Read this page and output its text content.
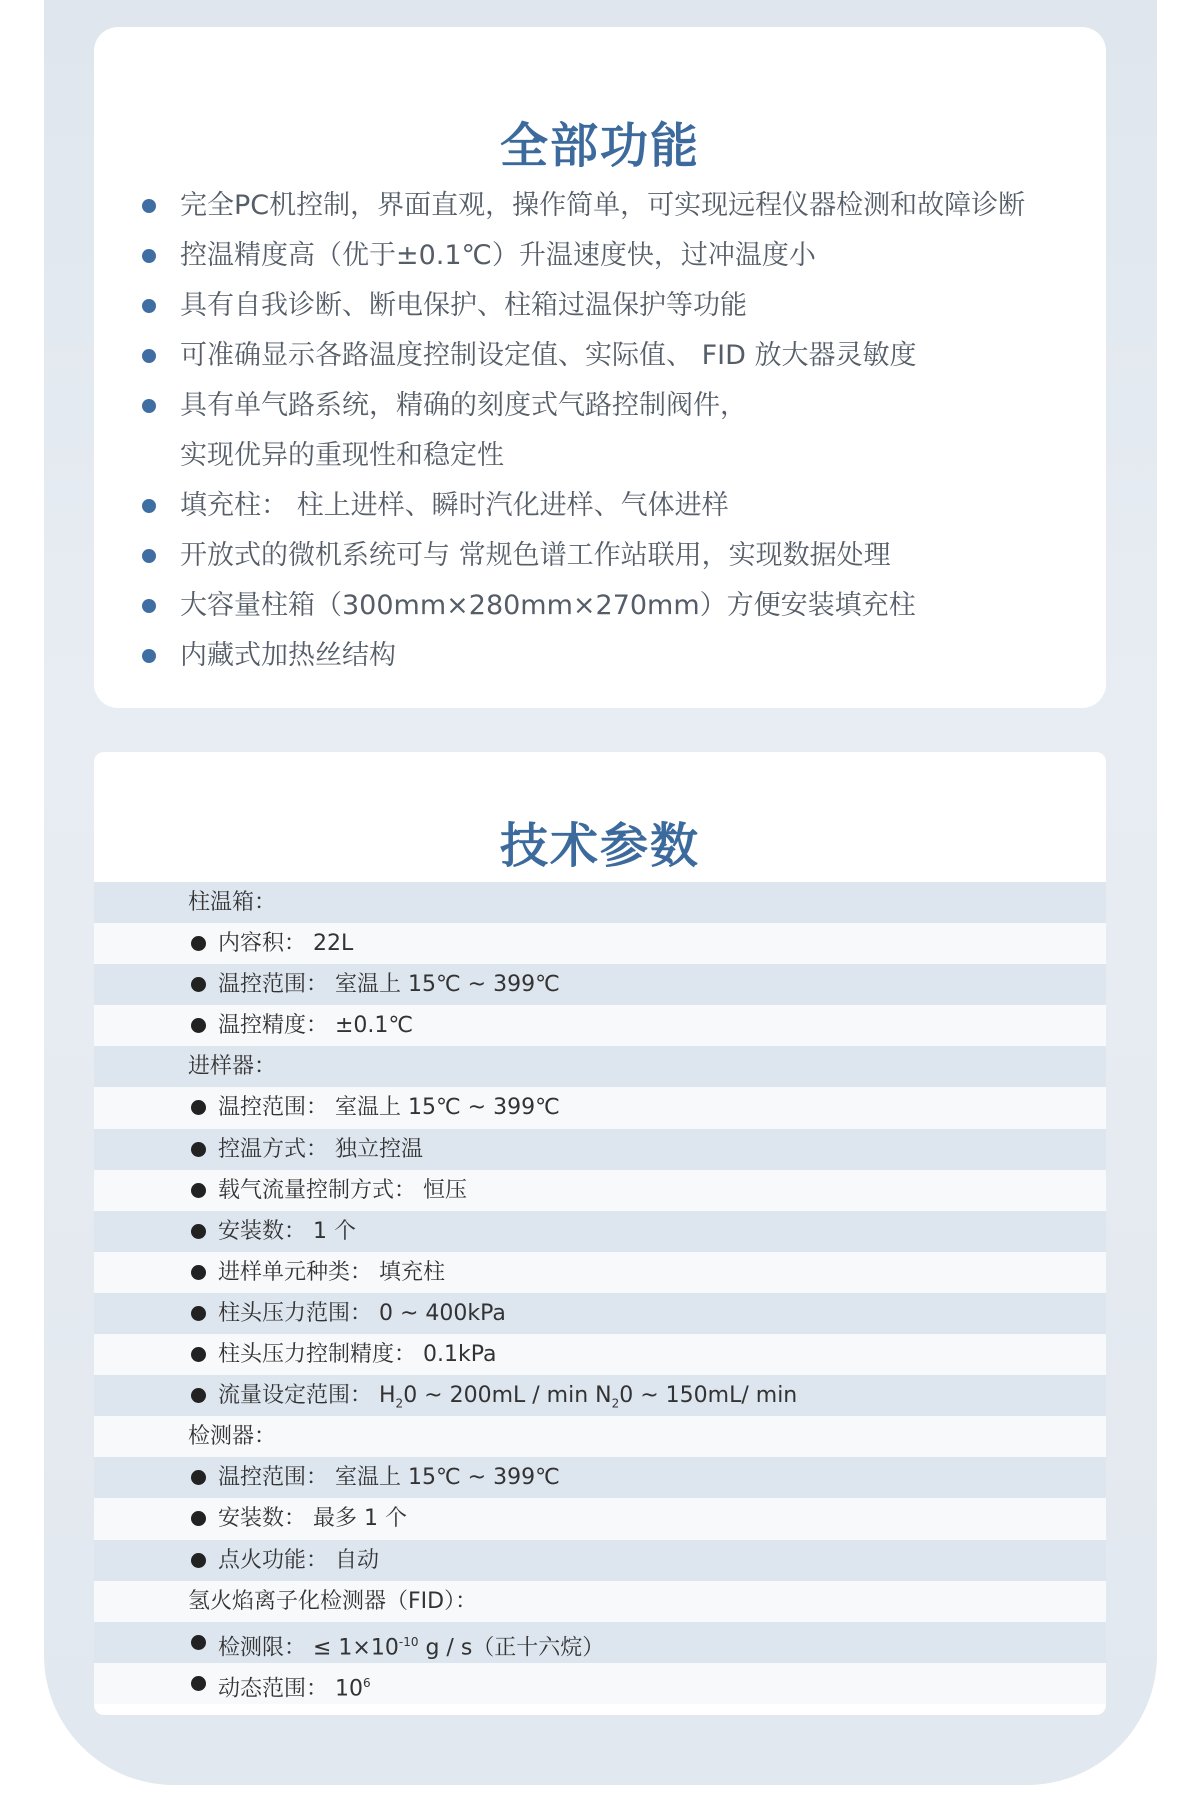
全部功能
完全PC机控制，界面直观，操作简单，可实现远程仪器检测和故障诊断
控温精度高（优于±0.1℃）升温速度快，过冲温度小
具有自我诊断、断电保护、柱箱过温保护等功能
可准确显示各路温度控制设定值、实际值、 FID 放大器灵敏度
具有单气路系统，精确的刻度式气路控制阀件，
实现优异的重现性和稳定性
填充柱： 柱上进样、瞬时汽化进样、气体进样
开放式的微机系统可与 常规色谱工作站联用，实现数据处理
大容量柱箱（300mm×280mm×270mm）方便安装填充柱
内藏式加热丝结构
技术参数
柱温箱：
内容积： 22L
温控范围： 室温上 15℃ ~ 399℃
温控精度： ±0.1℃
进样器：
温控范围： 室温上 15℃ ~ 399℃
控温方式： 独立控温
载气流量控制方式： 恒压
安装数： 1 个
进样单元种类： 填充柱
柱头压力范围： 0 ~ 400kPa
柱头压力控制精度： 0.1kPa
流量设定范围： $H_20$ ~ $200mL / \min N_20$ ~ 150mL/ min
检测器：
温控范围： 室温上 15℃ ~ 399℃
安装数： 最多 1 个
点火功能： 自动
氢火焰离子化检测器（FID）：
检测限： ≤ $1\times 10^{-10}$ g / s（正十六烷）
动态范围： $10^6$
